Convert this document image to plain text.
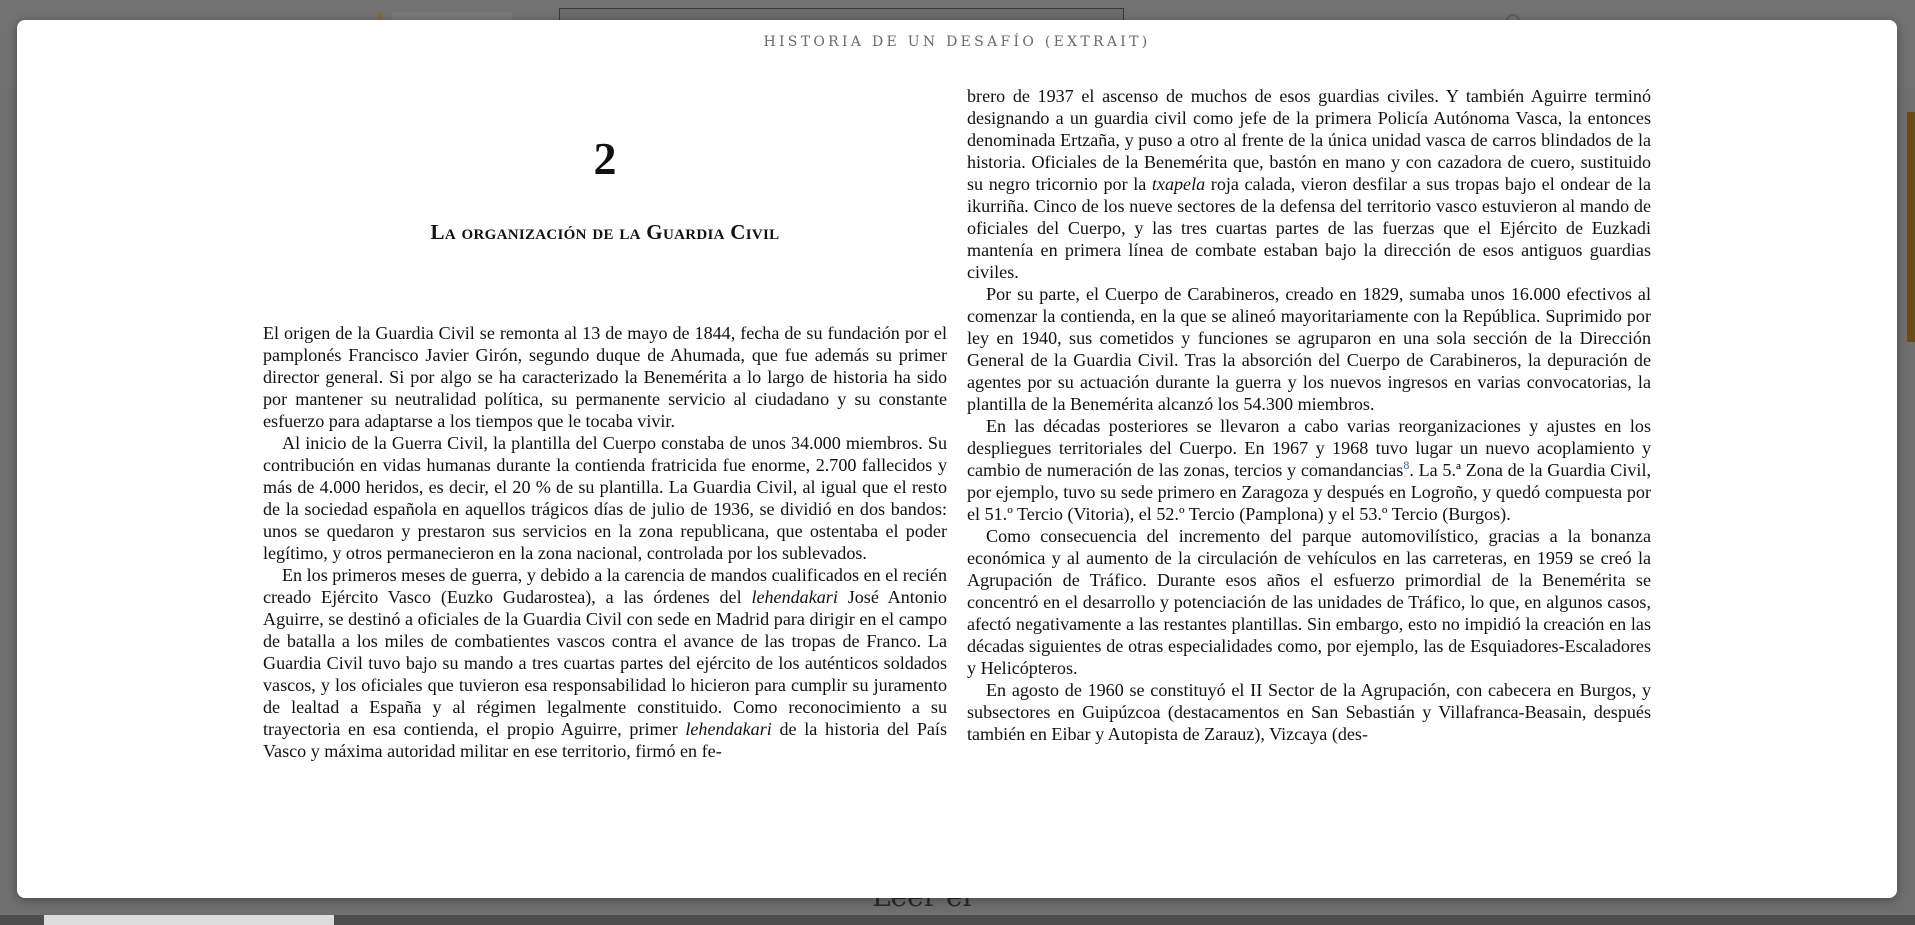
HISTORIA DE UN DESAFÍO (EXTRAIT)
2
La organización de la Guardia Civil

El origen de la Guardia Civil se remonta al 13 de mayo de 1844, fecha de su fundación por el pamplonés Francisco Javier Girón, segundo duque de Ahumada, que fue además su primer director general. Si por algo se ha caracterizado la Benemérita a lo largo de historia ha sido por mantener su neutralidad política, su permanente servicio al ciudadano y su constante esfuerzo para adaptarse a los tiempos que le tocaba vivir.

Al inicio de la Guerra Civil, la plantilla del Cuerpo constaba de unos 34.000 miembros. Su contribución en vidas humanas durante la contienda fratricida fue enorme, 2.700 fallecidos y más de 4.000 heridos, es decir, el 20 % de su plantilla. La Guardia Civil, al igual que el resto de la sociedad española en aquellos trágicos días de julio de 1936, se dividió en dos bandos: unos se quedaron y prestaron sus servicios en la zona republicana, que ostentaba el poder legítimo, y otros permanecieron en la zona nacional, controlada por los sublevados.

En los primeros meses de guerra, y debido a la carencia de mandos cualificados en el recién creado Ejército Vasco (Euzko Gudarostea), a las órdenes del lehendakari José Antonio Aguirre, se destinó a oficiales de la Guardia Civil con sede en Madrid para dirigir en el campo de batalla a los miles de combatientes vascos contra el avance de las tropas de Franco. La Guardia Civil tuvo bajo su mando a tres cuartas partes del ejército de los auténticos soldados vascos, y los oficiales que tuvieron esa responsabilidad lo hicieron para cumplir su juramento de lealtad a España y al régimen legalmente constituido. Como reconocimiento a su trayectoria en esa contienda, el propio Aguirre, primer lehendakari de la historia del País Vasco y máxima autoridad militar en ese territorio, firmó en fe-

brero de 1937 el ascenso de muchos de esos guardias civiles. Y también Aguirre terminó designando a un guardia civil como jefe de la primera Policía Autónoma Vasca, la entonces denominada Ertzaña, y puso a otro al frente de la única unidad vasca de carros blindados de la historia. Oficiales de la Benemérita que, bastón en mano y con cazadora de cuero, sustituido su negro tricornio por la txapela roja calada, vieron desfilar a sus tropas bajo el ondear de la ikurriña. Cinco de los nueve sectores de la defensa del territorio vasco estuvieron al mando de oficiales del Cuerpo, y las tres cuartas partes de las fuerzas que el Ejército de Euzkadi mantenía en primera línea de combate estaban bajo la dirección de esos antiguos guardias civiles.

Por su parte, el Cuerpo de Carabineros, creado en 1829, sumaba unos 16.000 efectivos al comenzar la contienda, en la que se alineó mayoritariamente con la República. Suprimido por ley en 1940, sus cometidos y funciones se agruparon en una sola sección de la Dirección General de la Guardia Civil. Tras la absorción del Cuerpo de Carabineros, la depuración de agentes por su actuación durante la guerra y los nuevos ingresos en varias convocatorias, la plantilla de la Benemérita alcanzó los 54.300 miembros.

En las décadas posteriores se llevaron a cabo varias reorganizaciones y ajustes en los despliegues territoriales del Cuerpo. En 1967 y 1968 tuvo lugar un nuevo acoplamiento y cambio de numeración de las zonas, tercios y comandancias$^8$. La 5.ª Zona de la Guardia Civil, por ejemplo, tuvo su sede primero en Zaragoza y después en Logroño, y quedó compuesta por el 51.º Tercio (Vitoria), el 52.º Tercio (Pamplona) y el 53.º Tercio (Burgos).

Como consecuencia del incremento del parque automovilístico, gracias a la bonanza económica y al aumento de la circulación de vehículos en las carreteras, en 1959 se creó la Agrupación de Tráfico. Durante esos años el esfuerzo primordial de la Benemérita se concentró en el desarrollo y potenciación de las unidades de Tráfico, lo que, en algunos casos, afectó negativamente a las restantes plantillas. Sin embargo, esto no impidió la creación en las décadas siguientes de otras especialidades como, por ejemplo, las de Esquiadores-Escaladores y Helicópteros.

En agosto de 1960 se constituyó el II Sector de la Agrupación, con cabecera en Burgos, y subsectores en Guipúzcoa (destacamentos en San Sebastián y Villafranca-Beasain, después también en Eibar y Autopista de Zarauz), Vizcaya (des-
